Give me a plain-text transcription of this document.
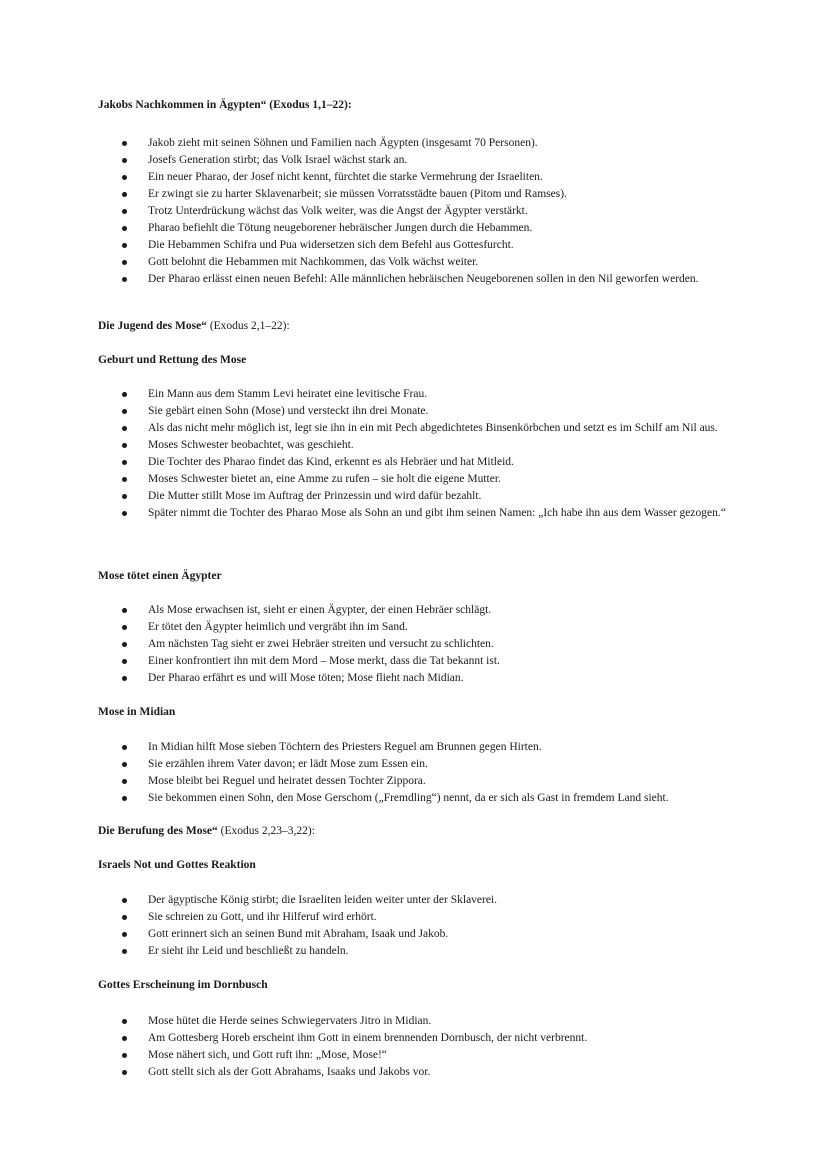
Jakobs Nachkommen in Ägypten“ (Exodus 1,1–22):
Jakob zieht mit seinen Söhnen und Familien nach Ägypten (insgesamt 70 Personen).
Josefs Generation stirbt; das Volk Israel wächst stark an.
Ein neuer Pharao, der Josef nicht kennt, fürchtet die starke Vermehrung der Israeliten.
Er zwingt sie zu harter Sklavenarbeit; sie müssen Vorratsstädte bauen (Pitom und Ramses).
Trotz Unterdrückung wächst das Volk weiter, was die Angst der Ägypter verstärkt.
Pharao befiehlt die Tötung neugeborener hebräischer Jungen durch die Hebammen.
Die Hebammen Schifra und Pua widersetzen sich dem Befehl aus Gottesfurcht.
Gott belohnt die Hebammen mit Nachkommen, das Volk wächst weiter.
Der Pharao erlässt einen neuen Befehl: Alle männlichen hebräischen Neugeborenen sollen in den Nil geworfen werden.
Die Jugend des Mose“ (Exodus 2,1–22):
Geburt und Rettung des Mose
Ein Mann aus dem Stamm Levi heiratet eine levitische Frau.
Sie gebärt einen Sohn (Mose) und versteckt ihn drei Monate.
Als das nicht mehr möglich ist, legt sie ihn in ein mit Pech abgedichtetes Binsenkörbchen und setzt es im Schilf am Nil aus.
Moses Schwester beobachtet, was geschieht.
Die Tochter des Pharao findet das Kind, erkennt es als Hebräer und hat Mitleid.
Moses Schwester bietet an, eine Amme zu rufen – sie holt die eigene Mutter.
Die Mutter stillt Mose im Auftrag der Prinzessin und wird dafür bezahlt.
Später nimmt die Tochter des Pharao Mose als Sohn an und gibt ihm seinen Namen: „Ich habe ihn aus dem Wasser gezogen.“
Mose tötet einen Ägypter
Als Mose erwachsen ist, sieht er einen Ägypter, der einen Hebräer schlägt.
Er tötet den Ägypter heimlich und vergräbt ihn im Sand.
Am nächsten Tag sieht er zwei Hebräer streiten und versucht zu schlichten.
Einer konfrontiert ihn mit dem Mord – Mose merkt, dass die Tat bekannt ist.
Der Pharao erfährt es und will Mose töten; Mose flieht nach Midian.
Mose in Midian
In Midian hilft Mose sieben Töchtern des Priesters Reguel am Brunnen gegen Hirten.
Sie erzählen ihrem Vater davon; er lädt Mose zum Essen ein.
Mose bleibt bei Reguel und heiratet dessen Tochter Zippora.
Sie bekommen einen Sohn, den Mose Gerschom („Fremdling“) nennt, da er sich als Gast in fremdem Land sieht.
Die Berufung des Mose“ (Exodus 2,23–3,22):
Israels Not und Gottes Reaktion
Der ägyptische König stirbt; die Israeliten leiden weiter unter der Sklaverei.
Sie schreien zu Gott, und ihr Hilferuf wird erhört.
Gott erinnert sich an seinen Bund mit Abraham, Isaak und Jakob.
Er sieht ihr Leid und beschließt zu handeln.
Gottes Erscheinung im Dornbusch
Mose hütet die Herde seines Schwiegervaters Jitro in Midian.
Am Gottesberg Horeb erscheint ihm Gott in einem brennenden Dornbusch, der nicht verbrennt.
Mose nähert sich, und Gott ruft ihn: „Mose, Mose!“
Gott stellt sich als der Gott Abrahams, Isaaks und Jakobs vor.
